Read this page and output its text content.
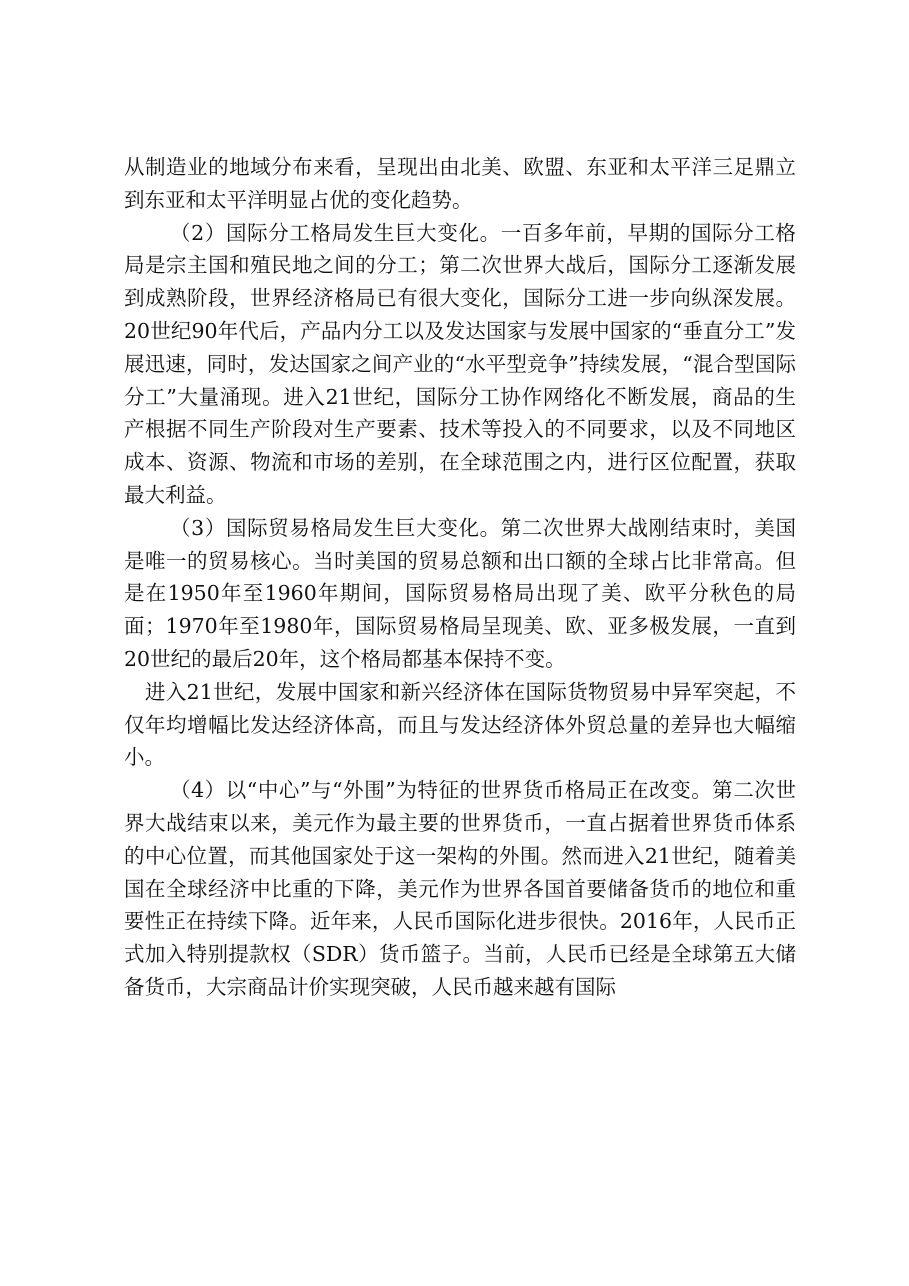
从制造业的地域分布来看，呈现出由北美、欧盟、东亚和太平洋三足鼎立到东亚和太平洋明显占优的变化趋势。

（2）国际分工格局发生巨大变化。一百多年前，早期的国际分工格局是宗主国和殖民地之间的分工；第二次世界大战后，国际分工逐渐发展到成熟阶段，世界经济格局已有很大变化，国际分工进一步向纵深发展。20世纪90年代后，产品内分工以及发达国家与发展中国家的“垂直分工”发展迅速，同时，发达国家之间产业的“水平型竞争”持续发展，“混合型国际分工”大量涌现。进入21世纪，国际分工协作网络化不断发展，商品的生产根据不同生产阶段对生产要素、技术等投入的不同要求，以及不同地区成本、资源、物流和市场的差别，在全球范围之内，进行区位配置，获取最大利益。

（3）国际贸易格局发生巨大变化。第二次世界大战刚结束时，美国是唯一的贸易核心。当时美国的贸易总额和出口额的全球占比非常高。但是在1950年至1960年期间，国际贸易格局出现了美、欧平分秋色的局面；1970年至1980年，国际贸易格局呈现美、欧、亚多极发展，一直到20世纪的最后20年，这个格局都基本保持不变。

进入21世纪，发展中国家和新兴经济体在国际货物贸易中异军突起，不仅年均增幅比发达经济体高，而且与发达经济体外贸总量的差异也大幅缩小。

（4）以“中心”与“外围”为特征的世界货币格局正在改变。第二次世界大战结束以来，美元作为最主要的世界货币，一直占据着世界货币体系的中心位置，而其他国家处于这一架构的外围。然而进入21世纪，随着美国在全球经济中比重的下降，美元作为世界各国首要储备货币的地位和重要性正在持续下降。近年来，人民币国际化进步很快。2016年，人民币正式加入特别提款权（SDR）货币篮子。当前，人民币已经是全球第五大储备货币，大宗商品计价实现突破，人民币越来越有国际
